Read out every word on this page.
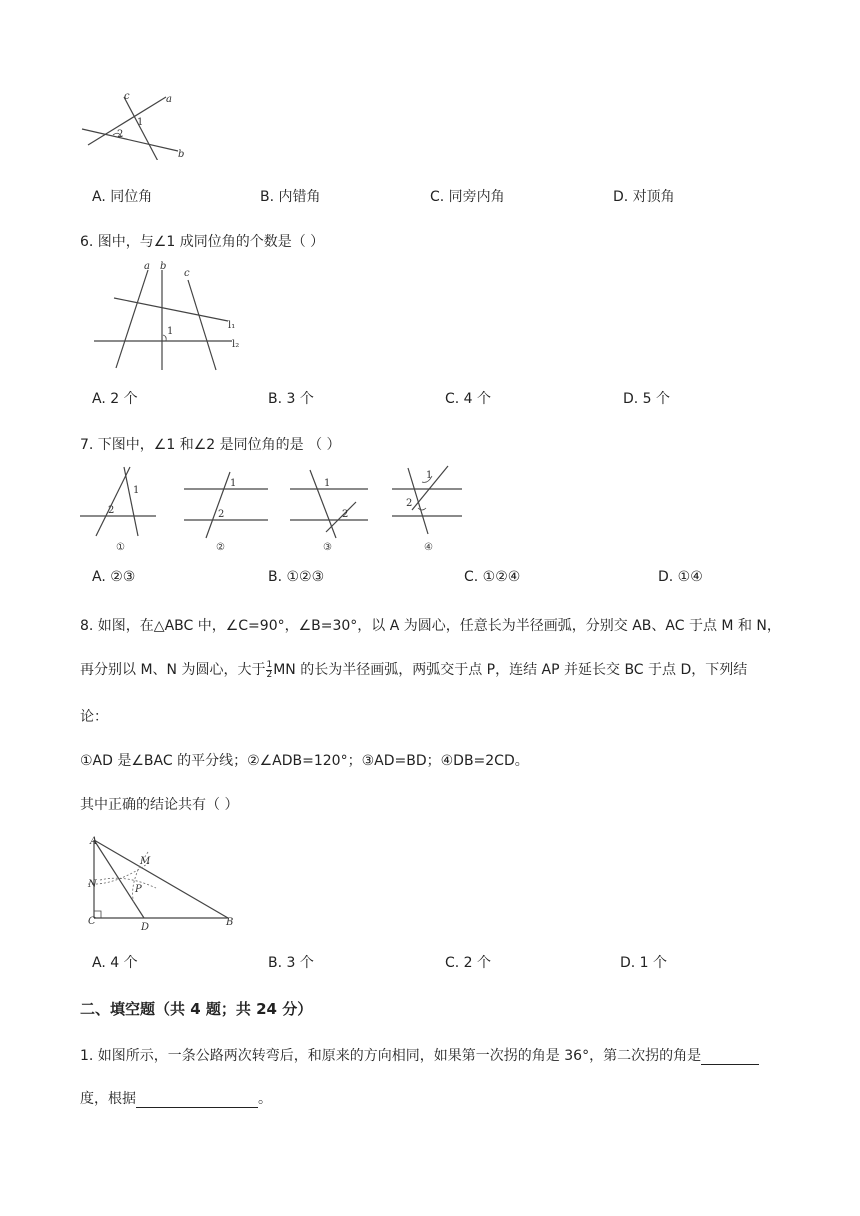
c	a
1
2
b
A. 同位角	B. 内错角	C. 同旁内角	D. 对顶角
6. 图中，与∠1 成同位角的个数是（ ）
a b
c
1
l₁
l₂
A. 2 个	B. 3 个	C. 4 个	D. 5 个
7. 下图中，∠1 和∠2 是同位角的是 （ ）
1
2
①
1
2
②
1
2
③
1
2
④
A. ②③	B. ①②③	C. ①②④	D. ①④
8. 如图，在△ABC 中，∠C=90°，∠B=30°，以 A 为圆心，任意长为半径画弧，分别交 AB、AC 于点 M 和 N，
再分别以 M、N 为圆心，大于 $\frac{1}{2}$ MN 的长为半径画弧，两弧交于点 P，连结 AP 并延长交 BC 于点 D，下列结
论：
①AD 是∠BAC 的平分线；②∠ADB=120°；③AD=BD；④DB=2CD。
其中正确的结论共有（ ）
A
M
N	P
C
D	B
A. 4 个	B. 3 个	C. 2 个	D. 1 个
二、填空题（共 4 题；共 24 分）
1. 如图所示，一条公路两次转弯后，和原来的方向相同，如果第一次拐的角是 36°，第二次拐的角是
度，根据	。
